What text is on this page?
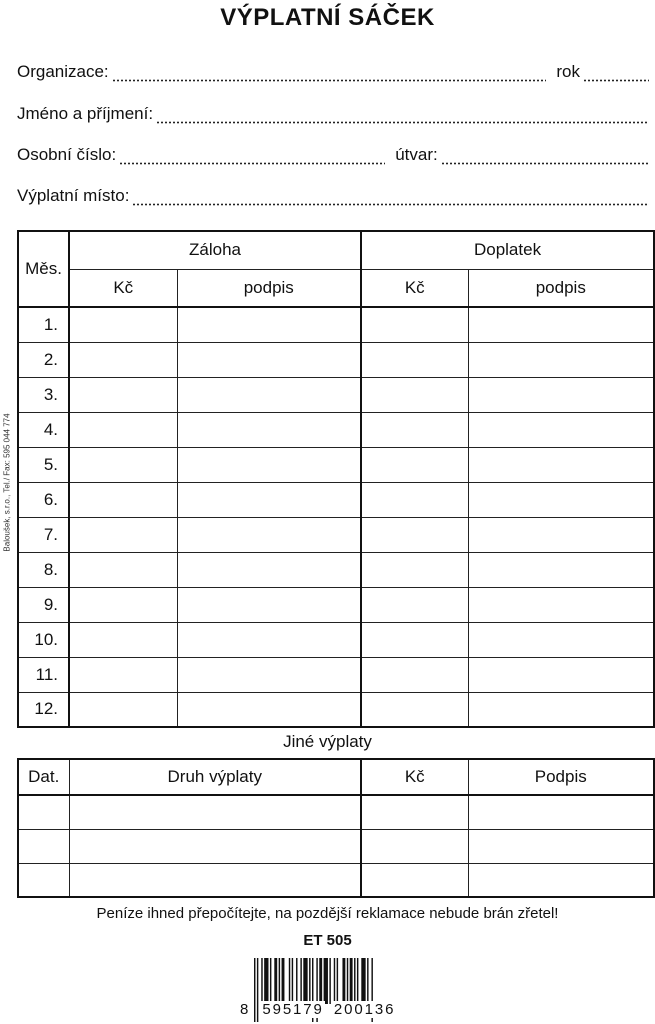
VÝPLATNÍ SÁČEK
Organizace:	rok
Jméno a příjmení:
Osobní číslo:	útvar:
Výplatní místo:
Měs.	Záloha		Doplatek	
	Kč	podpis	Kč	podpis
1.				
2.				
3.				
4.				
5.				
6.				
7.				
8.				
9.				
10.				
11.				
12.				
Jiné výplaty
Dat.	Druh výplaty	Kč	Podpis

Peníze ihned přepočítejte, na pozdější reklamace nebude brán zřetel!
ET 505
Baloušek, s.r.o., Tel./ Fax: 595 044 774
8 595179 200136
